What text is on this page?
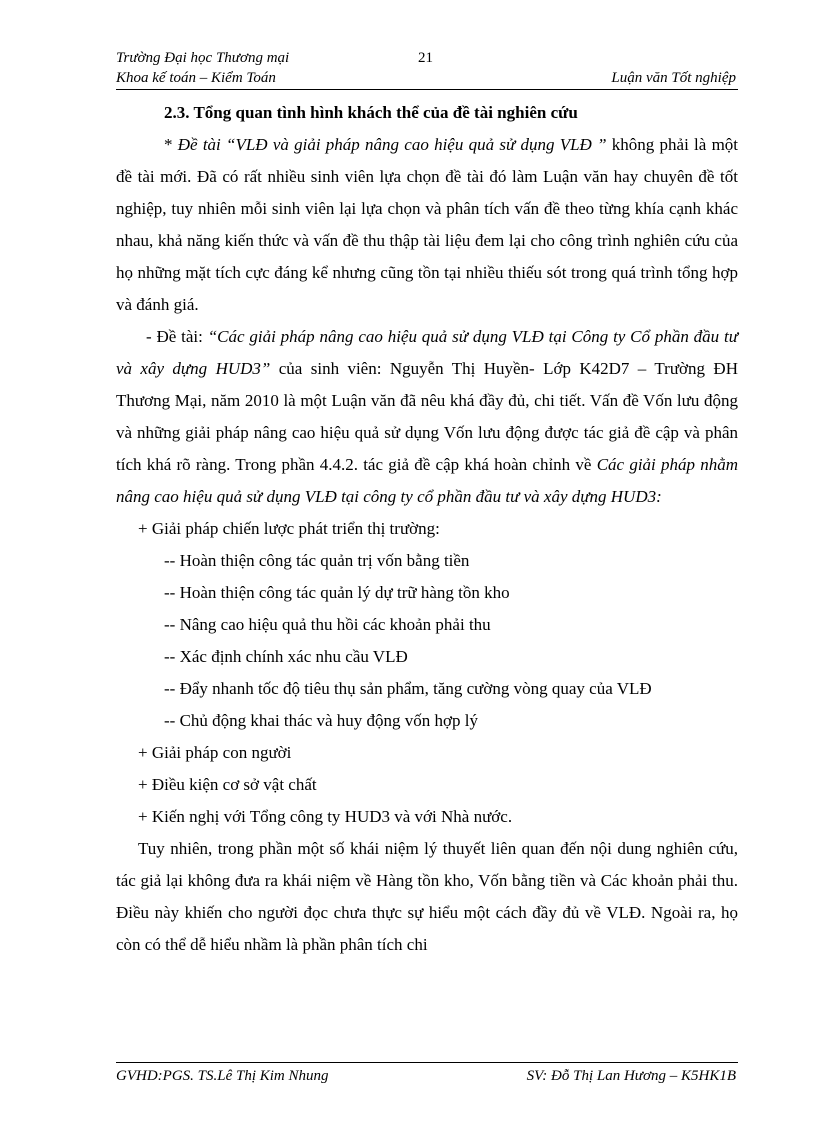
Trường Đại học Thương mại	21
Khoa kế toán – Kiểm Toán	Luận văn Tốt nghiệp
2.3. Tổng quan tình hình khách thể của đề tài nghiên cứu

* Đề tài “VLĐ và giải pháp nâng cao hiệu quả sử dụng VLĐ ” không phải là một đề tài mới. Đã có rất nhiều sinh viên lựa chọn đề tài đó làm Luận văn hay chuyên đề tốt nghiệp, tuy nhiên mỗi sinh viên lại lựa chọn và phân tích vấn đề theo từng khía cạnh khác nhau, khả năng kiến thức và vấn đề thu thập tài liệu đem lại cho công trình nghiên cứu của họ những mặt tích cực đáng kể nhưng cũng tồn tại nhiều thiếu sót trong quá trình tổng hợp và đánh giá.

- Đề tài: “Các giải pháp nâng cao hiệu quả sử dụng VLĐ tại Công ty Cổ phần đầu tư và xây dựng HUD3” của sinh viên: Nguyễn Thị Huyền- Lớp K42D7 – Trường ĐH Thương Mại, năm 2010 là một Luận văn đã nêu khá đầy đủ, chi tiết. Vấn đề Vốn lưu động và những giải pháp nâng cao hiệu quả sử dụng Vốn lưu động được tác giả đề cập và phân tích khá rõ ràng. Trong phần 4.4.2. tác giả đề cập khá hoàn chỉnh về Các giải pháp nhằm nâng cao hiệu quả sử dụng VLĐ tại công ty cổ phần đầu tư và xây dựng HUD3:

+ Giải pháp chiến lược phát triển thị trường:
-- Hoàn thiện công tác quản trị vốn bằng tiền
-- Hoàn thiện công tác quản lý dự trữ hàng tồn kho
-- Nâng cao hiệu quả thu hồi các khoản phải thu
-- Xác định chính xác nhu cầu VLĐ
-- Đẩy nhanh tốc độ tiêu thụ sản phẩm, tăng cường vòng quay của VLĐ
-- Chủ động khai thác và huy động vốn hợp lý
+ Giải pháp con người
+ Điều kiện cơ sở vật chất
+ Kiến nghị với Tổng công ty HUD3 và với Nhà nước.

Tuy nhiên, trong phần một số khái niệm lý thuyết liên quan đến nội dung nghiên cứu, tác giả lại không đưa ra khái niệm về Hàng tồn kho, Vốn bằng tiền và Các khoản phải thu. Điều này khiến cho người đọc chưa thực sự hiểu một cách đầy đủ về VLĐ. Ngoài ra, họ còn có thể dễ hiểu nhầm là phần phân tích chi

GVHD:PGS. TS.Lê Thị Kim Nhung	SV: Đỗ Thị Lan Hương – K5HK1B
